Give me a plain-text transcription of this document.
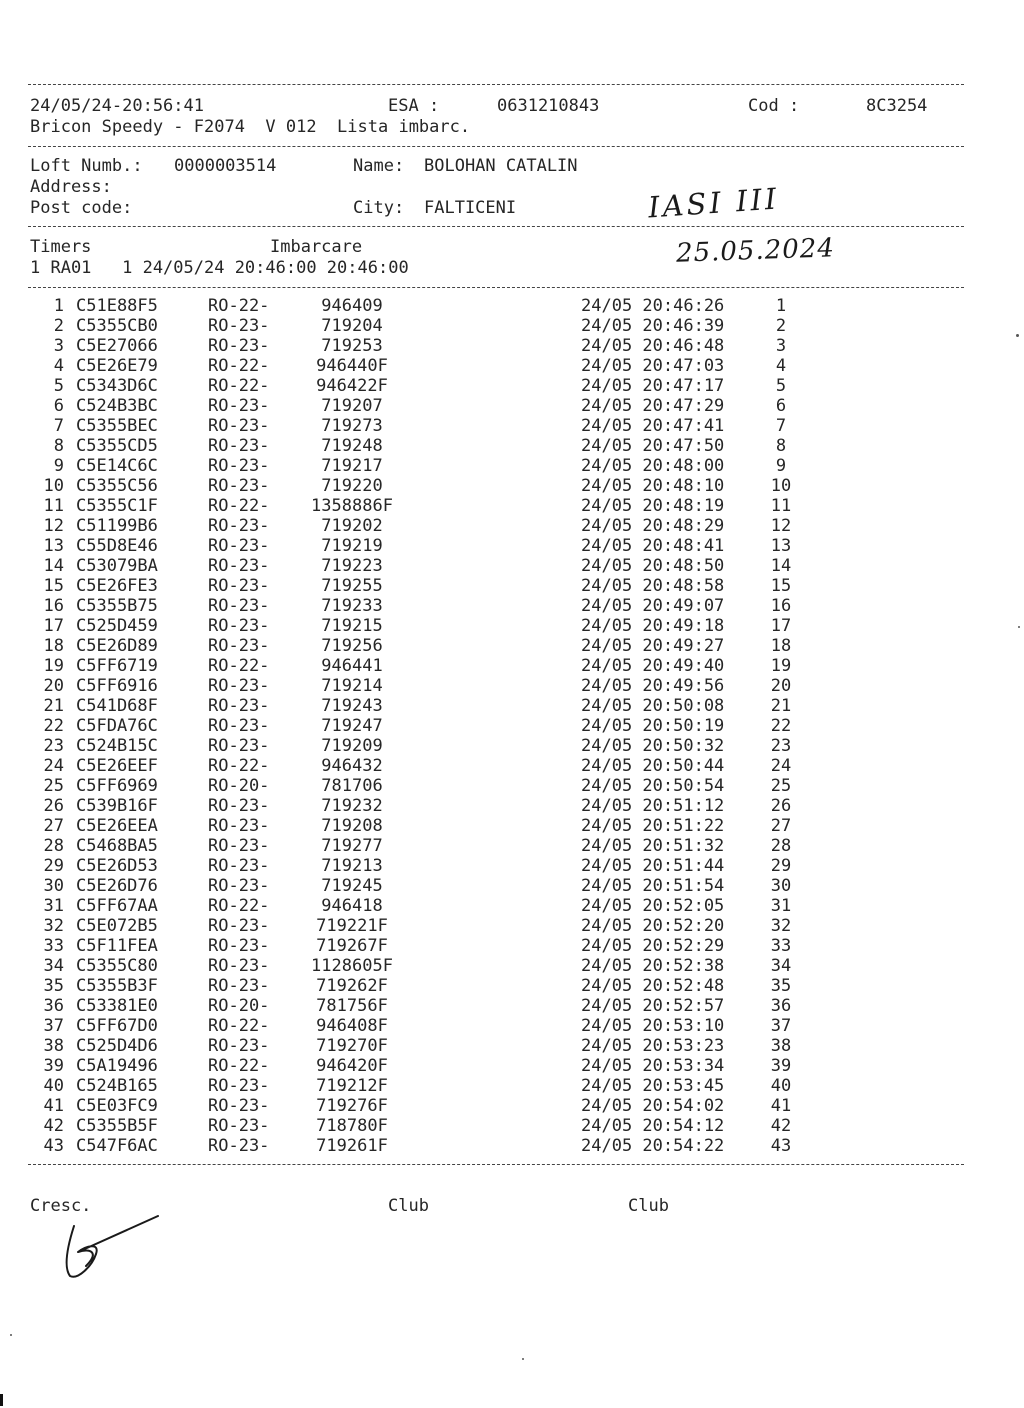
24/05/24-20:56:41	ESA :	0631210843	Cod :	8C3254
Bricon Speedy - F2074  V 012  Lista imbarc.
Loft Numb.: 0000003514	Name: BOLOHAN CATALIN
Address:
Post code:	City: FALTICENI	IASI III
25.05.2024
Timers	Imbarcare
1 RA01   1 24/05/24 20:46:00 20:46:00
1 C51E88F5	RO-22-	946409	24/05 20:46:26	1
2 C5355CB0	RO-23-	719204	24/05 20:46:39	2
3 C5E27066	RO-23-	719253	24/05 20:46:48	3
4 C5E26E79	RO-22-	946440F	24/05 20:47:03	4
5 C5343D6C	RO-22-	946422F	24/05 20:47:17	5
6 C524B3BC	RO-23-	719207	24/05 20:47:29	6
7 C5355BEC	RO-23-	719273	24/05 20:47:41	7
8 C5355CD5	RO-23-	719248	24/05 20:47:50	8
9 C5E14C6C	RO-23-	719217	24/05 20:48:00	9
10 C5355C56	RO-23-	719220	24/05 20:48:10	10
11 C5355C1F	RO-22-	1358886F	24/05 20:48:19	11
12 C51199B6	RO-23-	719202	24/05 20:48:29	12
13 C55D8E46	RO-23-	719219	24/05 20:48:41	13
14 C53079BA	RO-23-	719223	24/05 20:48:50	14
15 C5E26FE3	RO-23-	719255	24/05 20:48:58	15
16 C5355B75	RO-23-	719233	24/05 20:49:07	16
17 C525D459	RO-23-	719215	24/05 20:49:18	17
18 C5E26D89	RO-23-	719256	24/05 20:49:27	18
19 C5FF6719	RO-22-	946441	24/05 20:49:40	19
20 C5FF6916	RO-23-	719214	24/05 20:49:56	20
21 C541D68F	RO-23-	719243	24/05 20:50:08	21
22 C5FDA76C	RO-23-	719247	24/05 20:50:19	22
23 C524B15C	RO-23-	719209	24/05 20:50:32	23
24 C5E26EEF	RO-22-	946432	24/05 20:50:44	24
25 C5FF6969	RO-20-	781706	24/05 20:50:54	25
26 C539B16F	RO-23-	719232	24/05 20:51:12	26
27 C5E26EEA	RO-23-	719208	24/05 20:51:22	27
28 C5468BA5	RO-23-	719277	24/05 20:51:32	28
29 C5E26D53	RO-23-	719213	24/05 20:51:44	29
30 C5E26D76	RO-23-	719245	24/05 20:51:54	30
31 C5FF67AA	RO-22-	946418	24/05 20:52:05	31
32 C5E072B5	RO-23-	719221F	24/05 20:52:20	32
33 C5F11FEA	RO-23-	719267F	24/05 20:52:29	33
34 C5355C80	RO-23-	1128605F	24/05 20:52:38	34
35 C5355B3F	RO-23-	719262F	24/05 20:52:48	35
36 C53381E0	RO-20-	781756F	24/05 20:52:57	36
37 C5FF67D0	RO-22-	946408F	24/05 20:53:10	37
38 C525D4D6	RO-23-	719270F	24/05 20:53:23	38
39 C5A19496	RO-22-	946420F	24/05 20:53:34	39
40 C524B165	RO-23-	719212F	24/05 20:53:45	40
41 C5E03FC9	RO-23-	719276F	24/05 20:54:02	41
42 C5355B5F	RO-23-	718780F	24/05 20:54:12	42
43 C547F6AC	RO-23-	719261F	24/05 20:54:22	43
Cresc.	Club	Club
